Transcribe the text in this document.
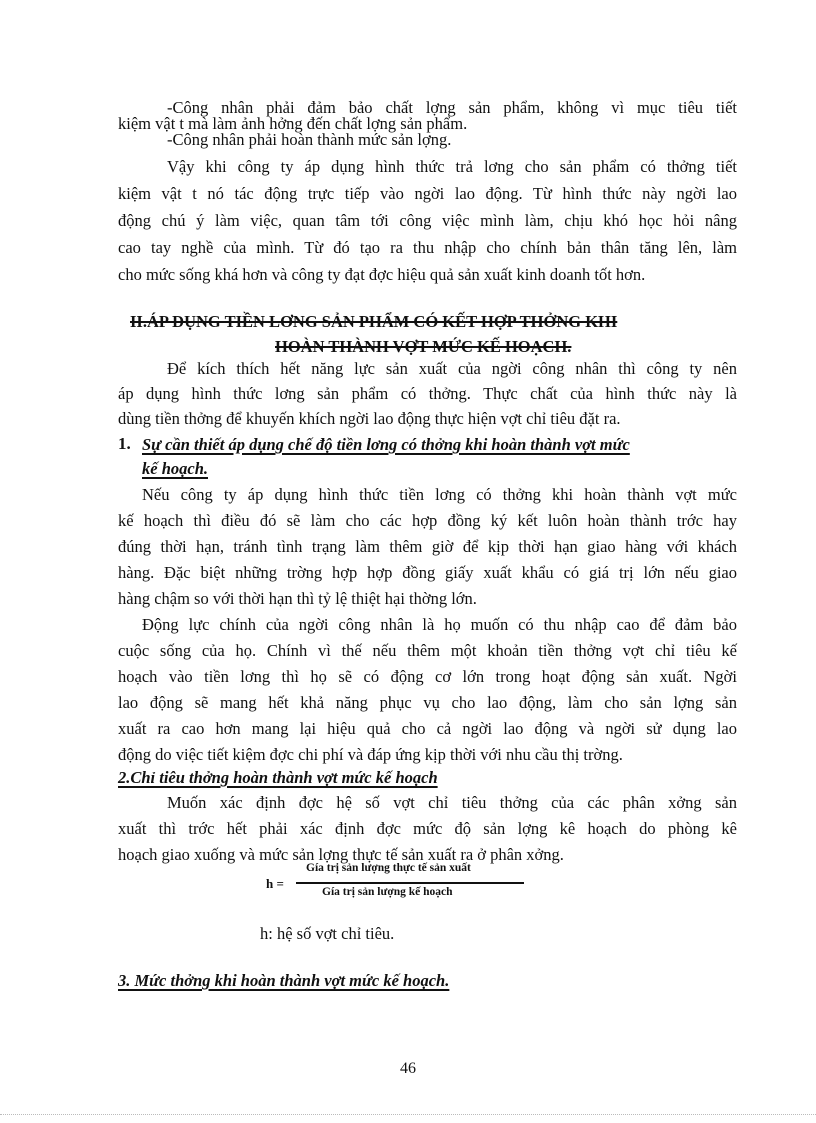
-Công nhân phải đảm bảo chất lợng sản phẩm, không vì mục tiêu tiết
kiệm vật t mà làm ảnh hởng đến chất lợng sản phẩm.
-Công nhân phải hoàn thành mức sản lợng.
Vậy khi công ty áp dụng hình thức trả lơng cho sản phẩm có thởng tiết
kiệm vật t nó tác động trực tiếp vào ngời lao động. Từ hình thức này ngời lao
động chú ý làm việc, quan tâm tới công việc mình làm, chịu khó học hỏi nâng
cao tay nghề của mình. Từ đó tạo ra thu nhập cho chính bản thân tăng lên, làm
cho mức sống khá hơn và công ty đạt đợc hiệu quả sản xuất kinh doanh tốt hơn.
II.ÁP DỤNG TIỀN LƠNG SẢN PHẨM CÓ KẾT HỢP THỞNG KHI
HOÀN THÀNH VỢT MỨC KẾ HOẠCH.
Để kích thích hết năng lực sản xuất của ngời công nhân thì công ty nên
áp dụng hình thức lơng sản phẩm có thởng. Thực chất của hình thức này là
dùng tiền thởng để khuyến khích ngời lao động thực hiện vợt chỉ tiêu đặt ra.
1. Sự cần thiết áp dụng chế độ tiền lơng có thởng khi hoàn thành vợt mức
kế hoạch.
Nếu công ty áp dụng hình thức tiền lơng có thởng khi hoàn thành vợt mức
kế hoạch thì điều đó sẽ làm cho các hợp đồng ký kết luôn hoàn thành trớc hay
đúng thời hạn, tránh tình trạng làm thêm giờ để kịp thời hạn giao hàng với khách
hàng. Đặc biệt những trờng hợp hợp đồng giấy xuất khẩu có giá trị lớn nếu giao
hàng chậm so với thời hạn thì tỷ lệ thiệt hại thờng lớn.
Động lực chính của ngời công nhân là họ muốn có thu nhập cao để đảm bảo
cuộc sống của họ. Chính vì thế nếu thêm một khoản tiền thởng vợt chỉ tiêu kế
hoạch vào tiền lơng thì họ sẽ có động cơ lớn trong hoạt động sản xuất. Ngời
lao động sẽ mang hết khả năng phục vụ cho lao động, làm cho sản lợng sản
xuất ra cao hơn mang lại hiệu quả cho cả ngời lao động và ngời sử dụng lao
động do việc tiết kiệm đợc chi phí và đáp ứng kịp thời với nhu cầu thị trờng.
2.Chỉ tiêu thởng hoàn thành vợt mức kế hoạch
Muốn xác định đợc hệ số vợt chỉ tiêu thởng của các phân xởng sản
xuất thì trớc hết phải xác định đợc mức độ sản lợng kê hoạch do phòng kê
hoạch giao xuống và mức sản lợng thực tế sản xuất ra ở phân xởng.
h =
Gía trị sản lượng thực tế sản xuất
Gía trị sản lượng kế hoạch
h: hệ số vợt chỉ tiêu.
3. Mức thởng khi hoàn thành vợt mức kế hoạch.
46
